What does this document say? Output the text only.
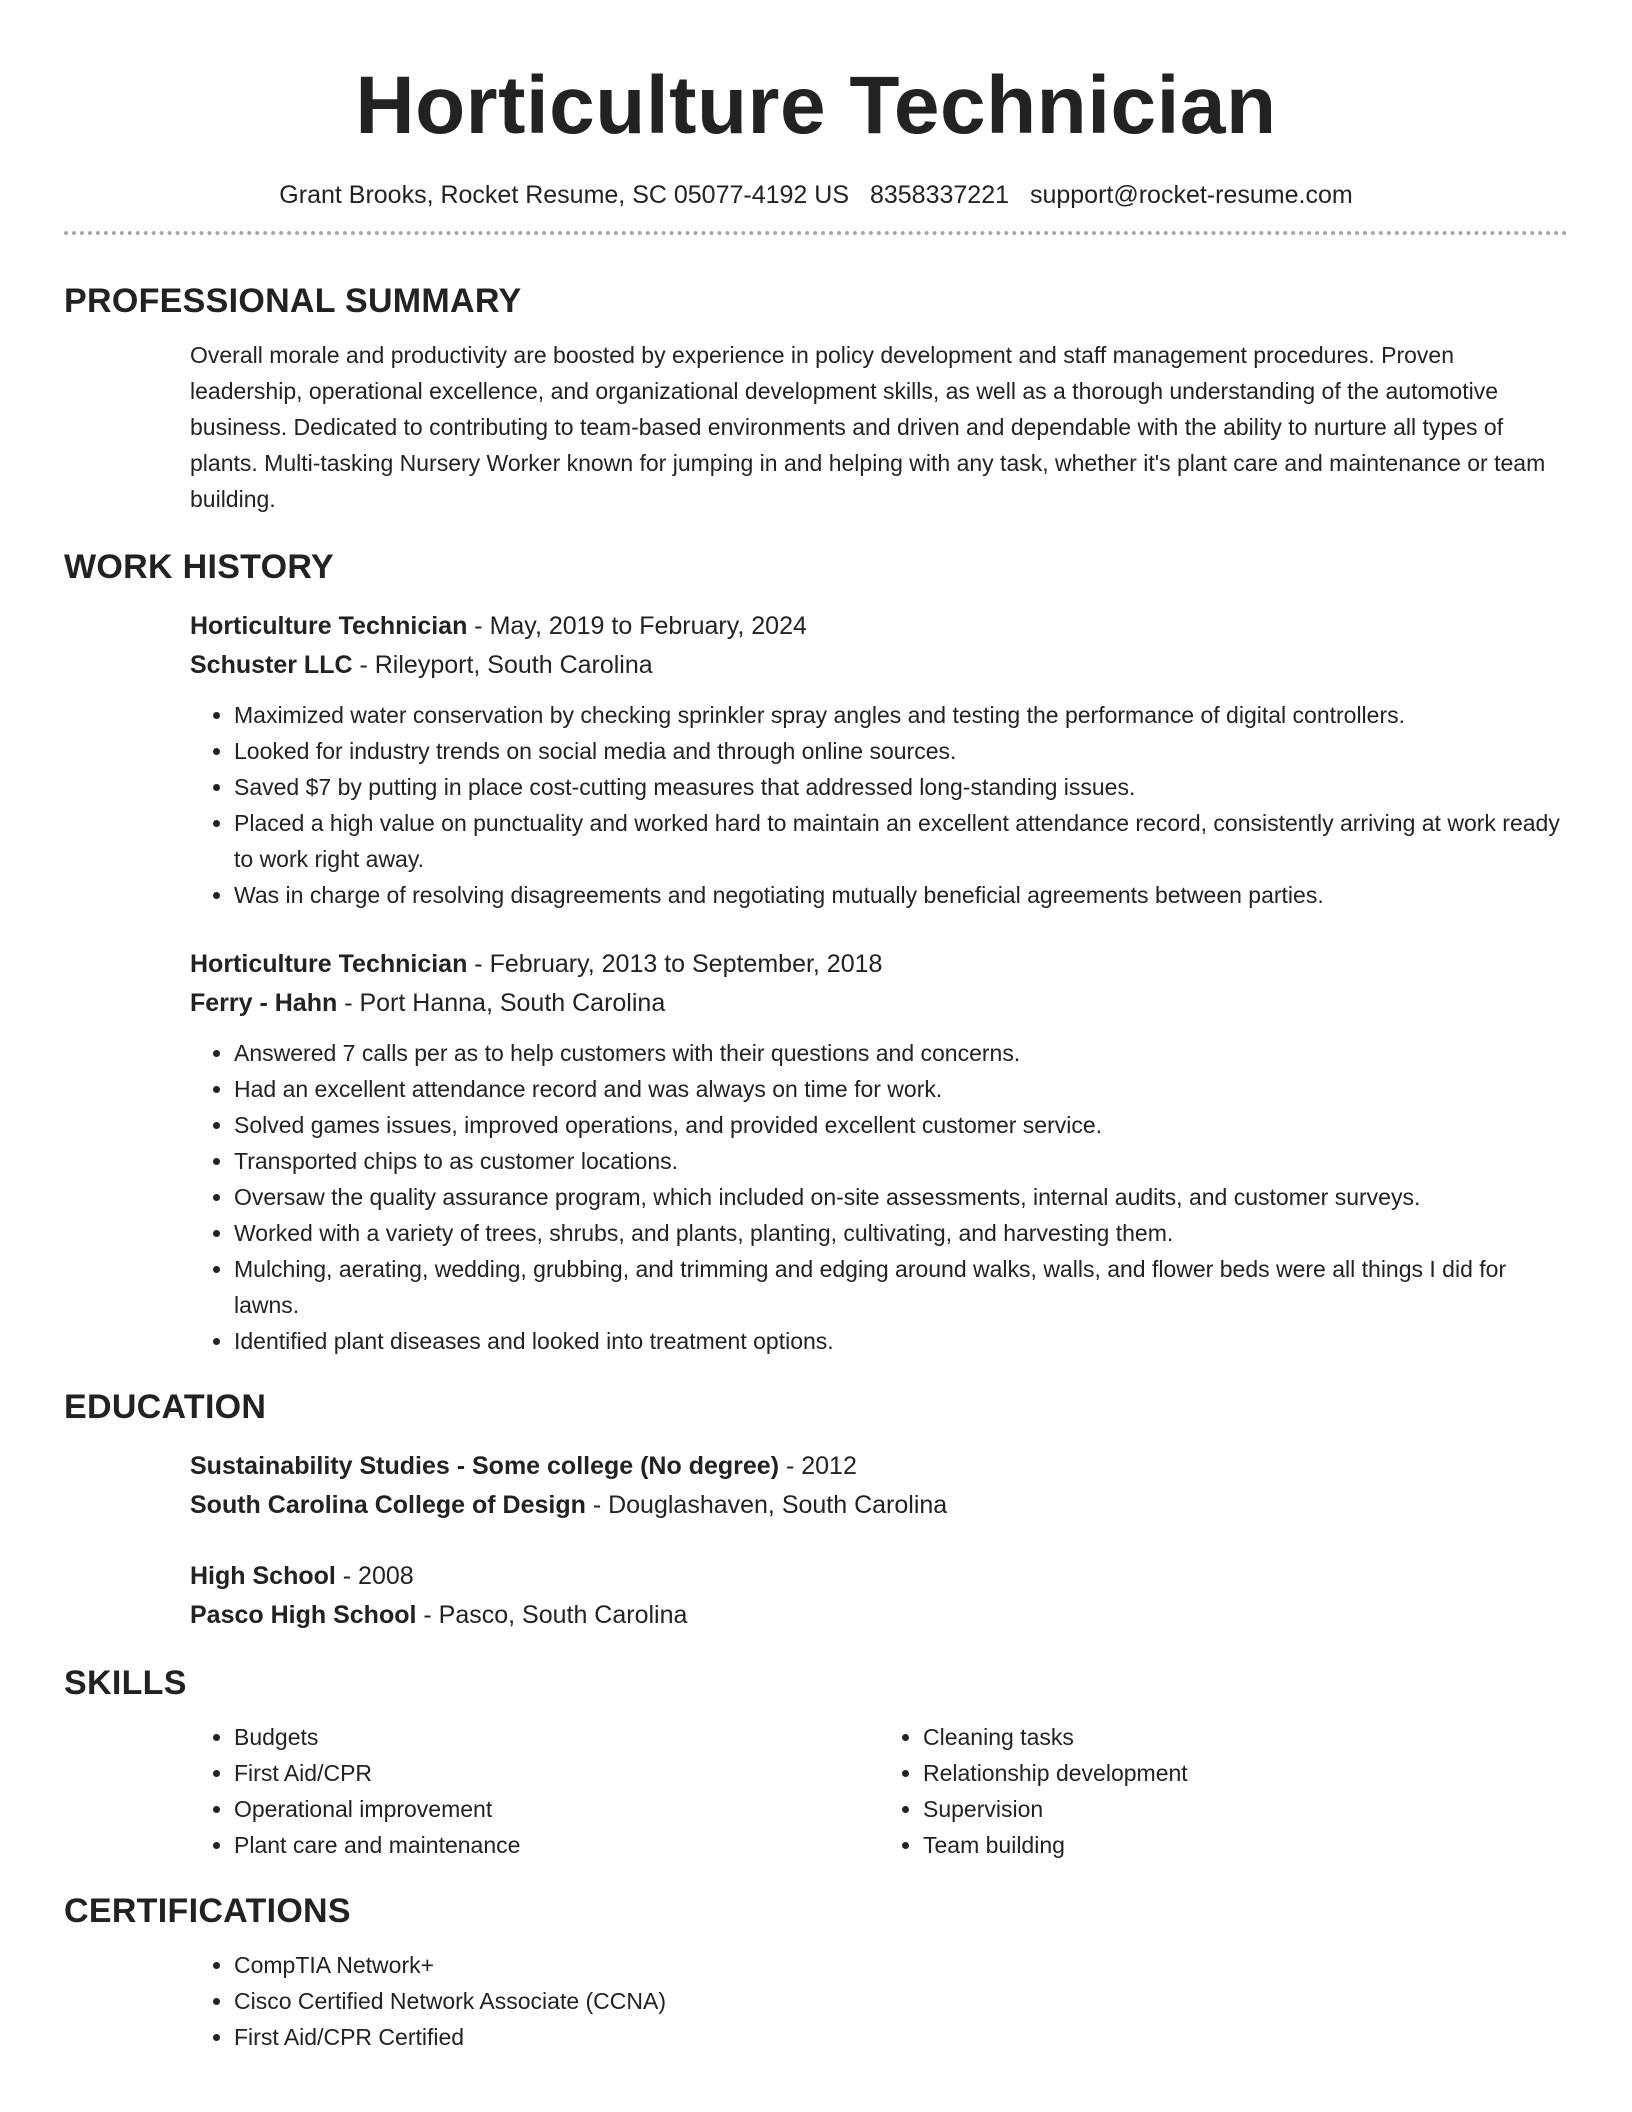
Horticulture Technician
Grant Brooks, Rocket Resume, SC 05077-4192 US 8358337221 support@rocket-resume.com
PROFESSIONAL SUMMARY

Overall morale and productivity are boosted by experience in policy development and staff management procedures. Proven leadership, operational excellence, and organizational development skills, as well as a thorough understanding of the automotive business. Dedicated to contributing to team-based environments and driven and dependable with the ability to nurture all types of plants. Multi-tasking Nursery Worker known for jumping in and helping with any task, whether it's plant care and maintenance or team building.

WORK HISTORY
Horticulture Technician - May, 2019 to February, 2024
Schuster LLC - Rileyport, South Carolina
• Maximized water conservation by checking sprinkler spray angles and testing the performance of digital controllers.
• Looked for industry trends on social media and through online sources.
• Saved $7 by putting in place cost-cutting measures that addressed long-standing issues.
• Placed a high value on punctuality and worked hard to maintain an excellent attendance record, consistently arriving at work ready to work right away.
• Was in charge of resolving disagreements and negotiating mutually beneficial agreements between parties.
Horticulture Technician - February, 2013 to September, 2018
Ferry - Hahn - Port Hanna, South Carolina
• Answered 7 calls per as to help customers with their questions and concerns.
• Had an excellent attendance record and was always on time for work.
• Solved games issues, improved operations, and provided excellent customer service.
• Transported chips to as customer locations.
• Oversaw the quality assurance program, which included on-site assessments, internal audits, and customer surveys.
• Worked with a variety of trees, shrubs, and plants, planting, cultivating, and harvesting them.
• Mulching, aerating, wedding, grubbing, and trimming and edging around walks, walls, and flower beds were all things I did for lawns.
• Identified plant diseases and looked into treatment options.
EDUCATION
Sustainability Studies - Some college (No degree) - 2012
South Carolina College of Design - Douglashaven, South Carolina
High School - 2008
Pasco High School - Pasco, South Carolina
SKILLS
• Budgets
• First Aid/CPR
• Operational improvement
• Plant care and maintenance
• Cleaning tasks
• Relationship development
• Supervision
• Team building
CERTIFICATIONS
• CompTIA Network+
• Cisco Certified Network Associate (CCNA)
• First Aid/CPR Certified
